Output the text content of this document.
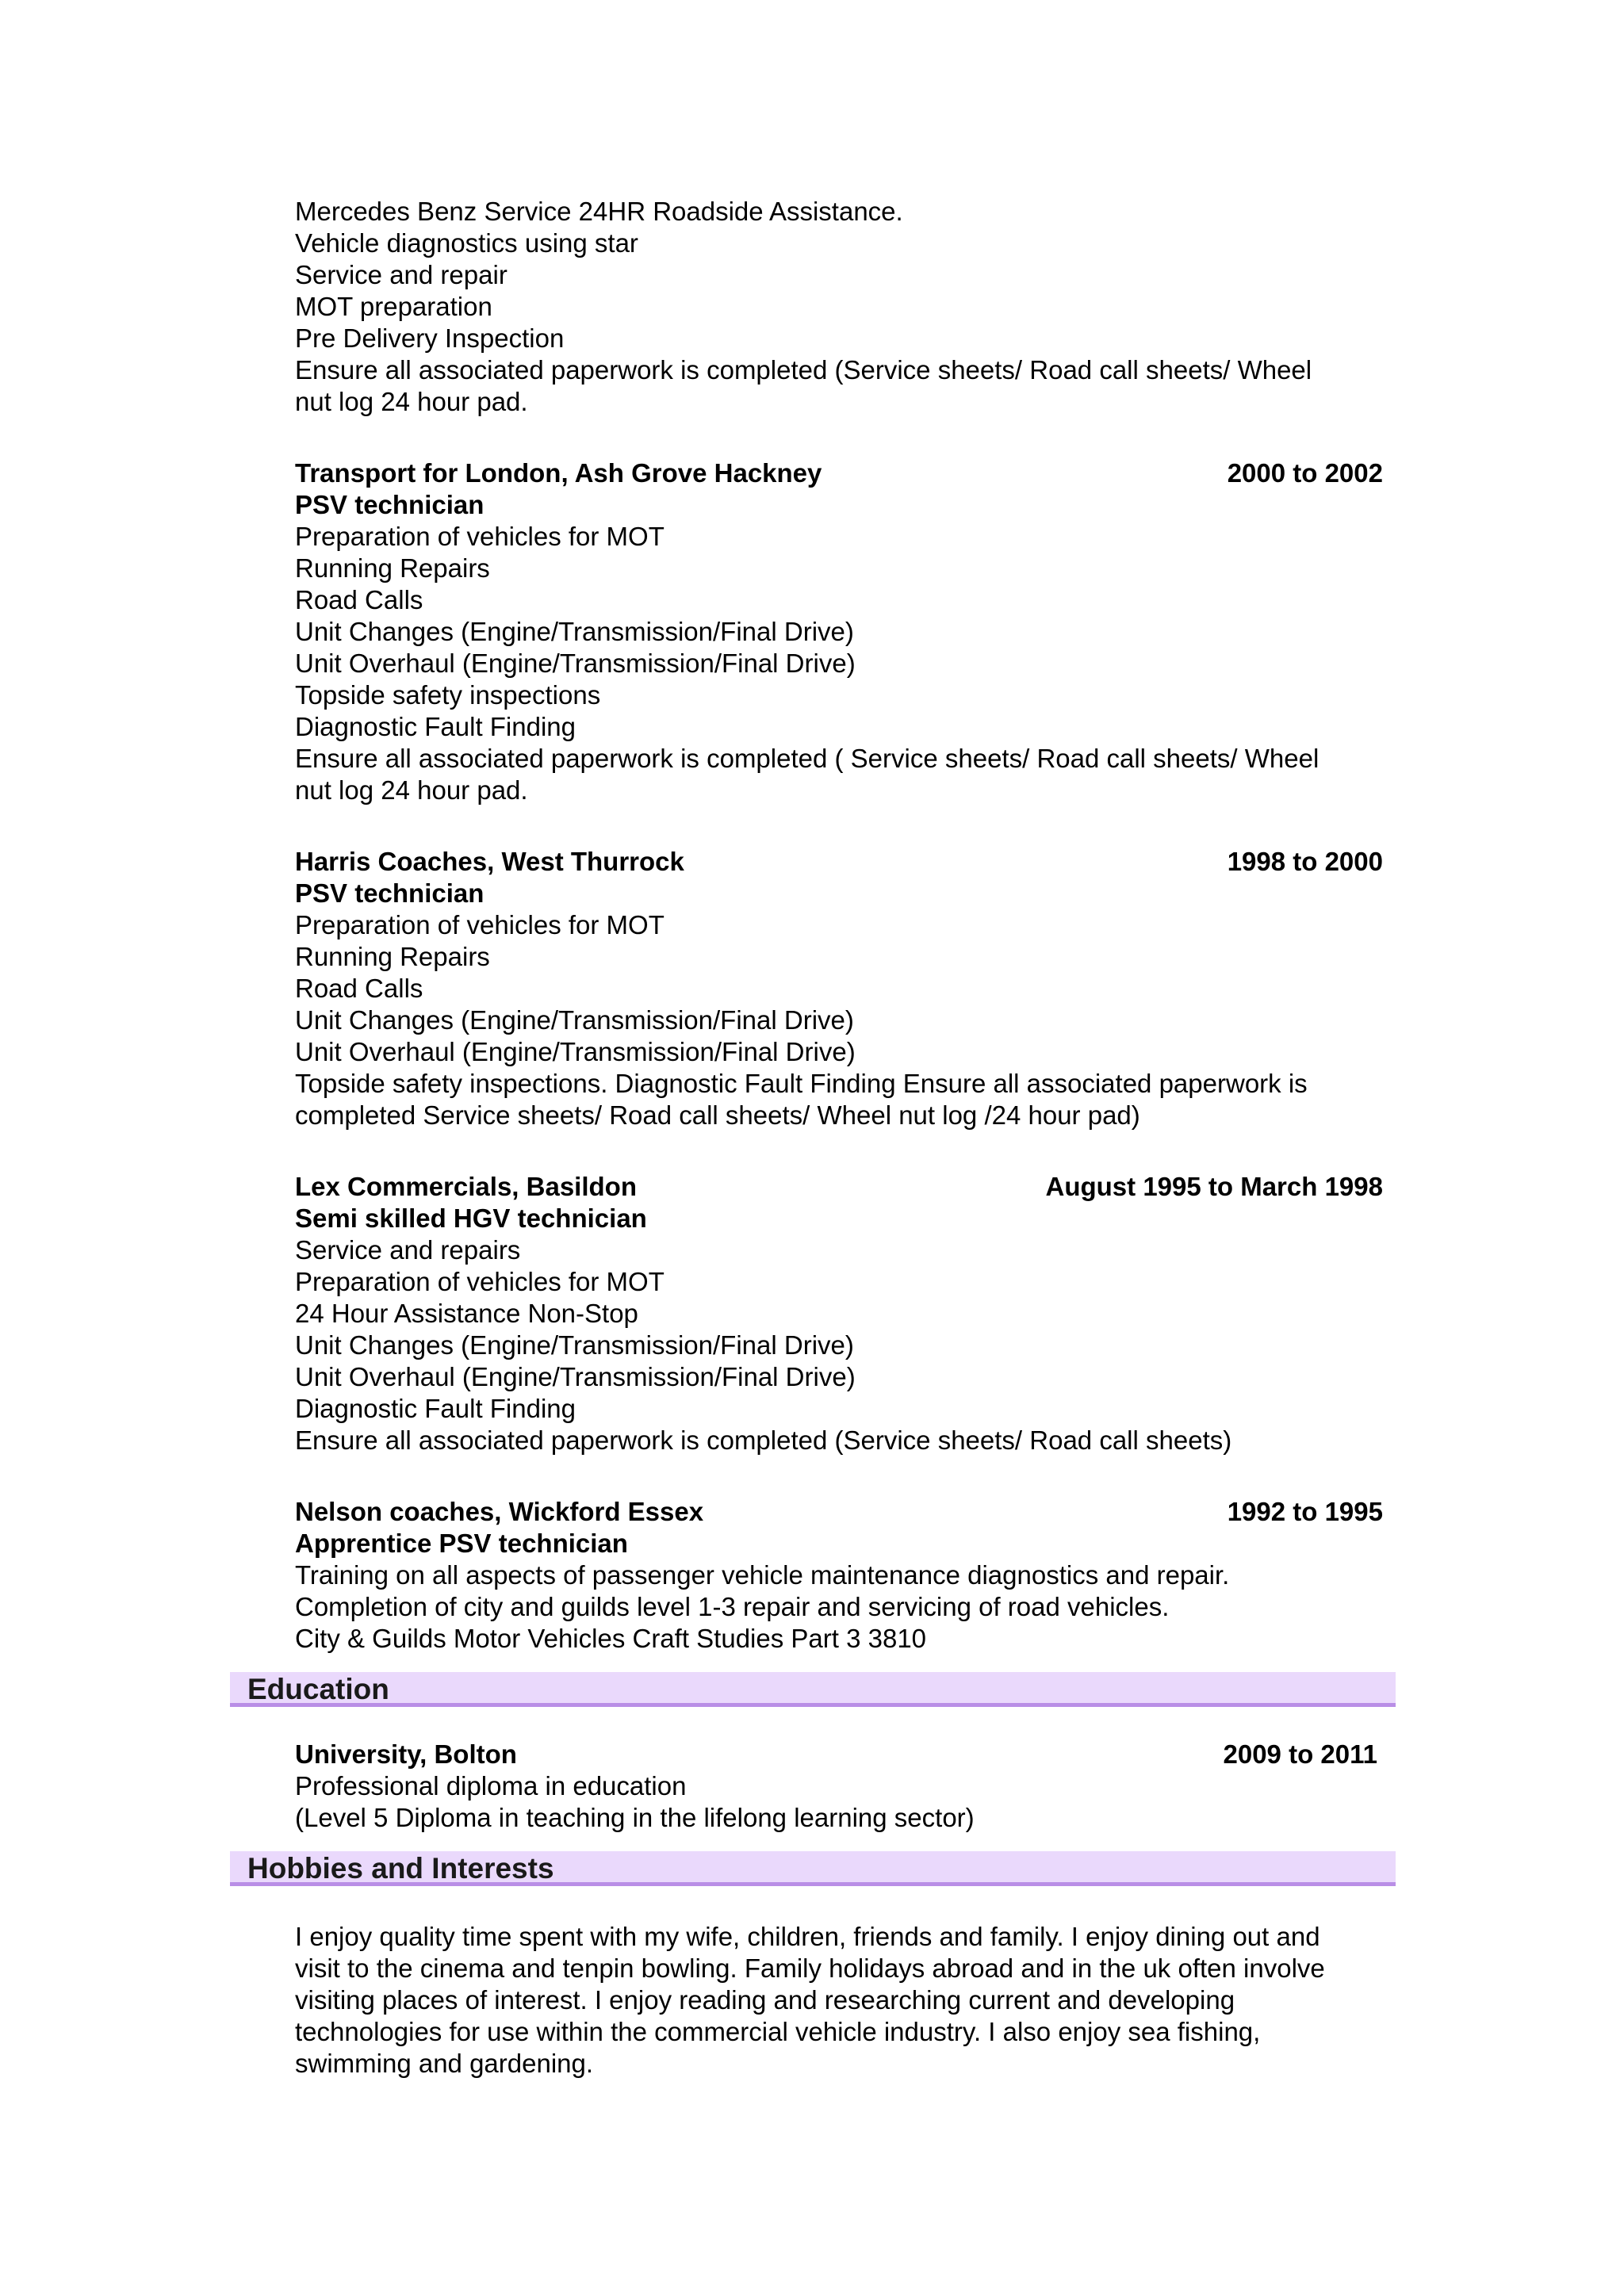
Mercedes Benz Service 24HR Roadside Assistance.
Vehicle diagnostics using star
Service and repair
MOT preparation
Pre Delivery Inspection
Ensure all associated paperwork is completed (Service sheets/ Road call sheets/ Wheel
nut log 24 hour pad.
Transport for London, Ash Grove Hackney	2000 to 2002
PSV technician
Preparation of vehicles for MOT
Running Repairs
Road Calls
Unit Changes (Engine/Transmission/Final Drive)
Unit Overhaul (Engine/Transmission/Final Drive)
Topside safety inspections
Diagnostic Fault Finding
Ensure all associated paperwork is completed ( Service sheets/ Road call sheets/ Wheel
nut log 24 hour pad.
Harris Coaches, West Thurrock	1998 to 2000
PSV technician
Preparation of vehicles for MOT
Running Repairs
Road Calls
Unit Changes (Engine/Transmission/Final Drive)
Unit Overhaul (Engine/Transmission/Final Drive)
Topside safety inspections. Diagnostic Fault Finding Ensure all associated paperwork is
completed Service sheets/ Road call sheets/ Wheel nut log /24 hour pad)
Lex Commercials, Basildon	August 1995 to March 1998
Semi skilled HGV technician
Service and repairs
Preparation of vehicles for MOT
24 Hour Assistance Non-Stop
Unit Changes (Engine/Transmission/Final Drive)
Unit Overhaul (Engine/Transmission/Final Drive)
Diagnostic Fault Finding
Ensure all associated paperwork is completed (Service sheets/ Road call sheets)
Nelson coaches, Wickford Essex	1992 to 1995
Apprentice PSV technician
Training on all aspects of passenger vehicle maintenance diagnostics and repair.
Completion of city and guilds level 1-3 repair and servicing of road vehicles.
City & Guilds Motor Vehicles Craft Studies Part 3 3810
Education
University, Bolton	2009 to 2011
Professional diploma in education
(Level 5 Diploma in teaching in the lifelong learning sector)
Hobbies and Interests
I enjoy quality time spent with my wife, children, friends and family. I enjoy dining out and
visit to the cinema and tenpin bowling. Family holidays abroad and in the uk often involve
visiting places of interest. I enjoy reading and researching current and developing
technologies for use within the commercial vehicle industry. I also enjoy sea fishing,
swimming and gardening.
